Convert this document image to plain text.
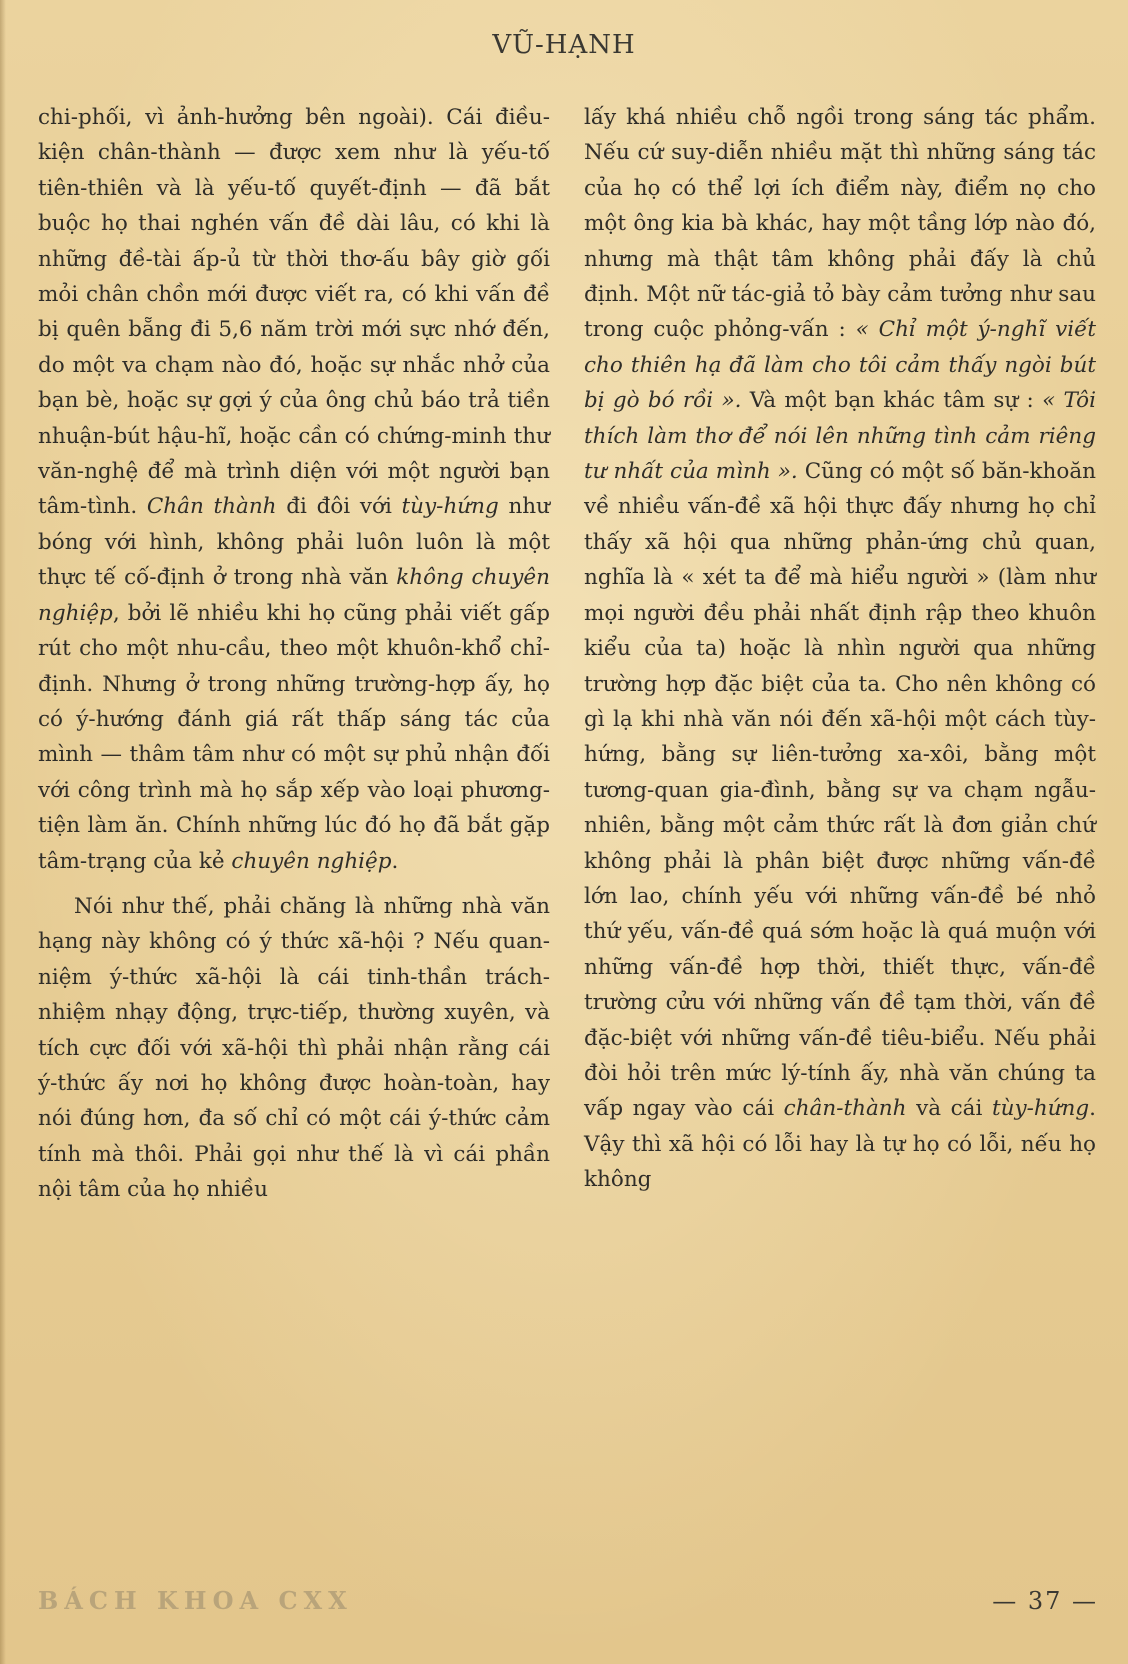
VŨ-HẠNH

chi-phối, vì ảnh-hưởng bên ngoài). Cái điều-kiện chân-thành — được xem như là yếu-tố tiên-thiên và là yếu-tố quyết-định — đã bắt buộc họ thai nghén vấn đề dài lâu, có khi là những đề-tài ấp-ủ từ thời thơ-ấu bây giờ gối mỏi chân chồn mới được viết ra, có khi vấn đề bị quên bẵng đi 5,6 năm trời mới sực nhớ đến, do một va chạm nào đó, hoặc sự nhắc nhở của bạn bè, hoặc sự gợi ý của ông chủ báo trả tiền nhuận-bút hậu-hĩ, hoặc cần có chứng-minh thư văn-nghệ để mà trình diện với một người bạn tâm-tình. Chân thành đi đôi với tùy-hứng như bóng với hình, không phải luôn luôn là một thực tế cố-định ở trong nhà văn không chuyên nghiệp, bởi lẽ nhiều khi họ cũng phải viết gấp rút cho một nhu-cầu, theo một khuôn-khổ chỉ-định. Nhưng ở trong những trường-hợp ấy, họ có ý-hướng đánh giá rất thấp sáng tác của mình — thâm tâm như có một sự phủ nhận đối với công trình mà họ sắp xếp vào loại phương-tiện làm ăn. Chính những lúc đó họ đã bắt gặp tâm-trạng của kẻ chuyên nghiệp.

Nói như thế, phải chăng là những nhà văn hạng này không có ý thức xã-hội ? Nếu quan-niệm ý-thức xã-hội là cái tinh-thần trách-nhiệm nhạy động, trực-tiếp, thường xuyên, và tích cực đối với xã-hội thì phải nhận rằng cái ý-thức ấy nơi họ không được hoàn-toàn, hay nói đúng hơn, đa số chỉ có một cái ý-thức cảm tính mà thôi. Phải gọi như thế là vì cái phần nội tâm của họ nhiều

lấy khá nhiều chỗ ngồi trong sáng tác phẩm. Nếu cứ suy-diễn nhiều mặt thì những sáng tác của họ có thể lợi ích điểm này, điểm nọ cho một ông kia bà khác, hay một tầng lớp nào đó, nhưng mà thật tâm không phải đấy là chủ định. Một nữ tác-giả tỏ bày cảm tưởng như sau trong cuộc phỏng-vấn : « Chỉ một ý-nghĩ viết cho thiên hạ đã làm cho tôi cảm thấy ngòi bút bị gò bó rồi ». Và một bạn khác tâm sự : « Tôi thích làm thơ để nói lên những tình cảm riêng tư nhất của mình ». Cũng có một số băn-khoăn về nhiều vấn-đề xã hội thực đấy nhưng họ chỉ thấy xã hội qua những phản-ứng chủ quan, nghĩa là « xét ta để mà hiểu người » (làm như mọi người đều phải nhất định rập theo khuôn kiểu của ta) hoặc là nhìn người qua những trường hợp đặc biệt của ta. Cho nên không có gì lạ khi nhà văn nói đến xã-hội một cách tùy-hứng, bằng sự liên-tưởng xa-xôi, bằng một tương-quan gia-đình, bằng sự va chạm ngẫu-nhiên, bằng một cảm thức rất là đơn giản chứ không phải là phân biệt được những vấn-đề lớn lao, chính yếu với những vấn-đề bé nhỏ thứ yếu, vấn-đề quá sớm hoặc là quá muộn với những vấn-đề hợp thời, thiết thực, vấn-đề trường cửu với những vấn đề tạm thời, vấn đề đặc-biệt với những vấn-đề tiêu-biểu. Nếu phải đòi hỏi trên mức lý-tính ấy, nhà văn chúng ta vấp ngay vào cái chân-thành và cái tùy-hứng. Vậy thì xã hội có lỗi hay là tự họ có lỗi, nếu họ không

BÁCH KHOA CXX	— 37 —
